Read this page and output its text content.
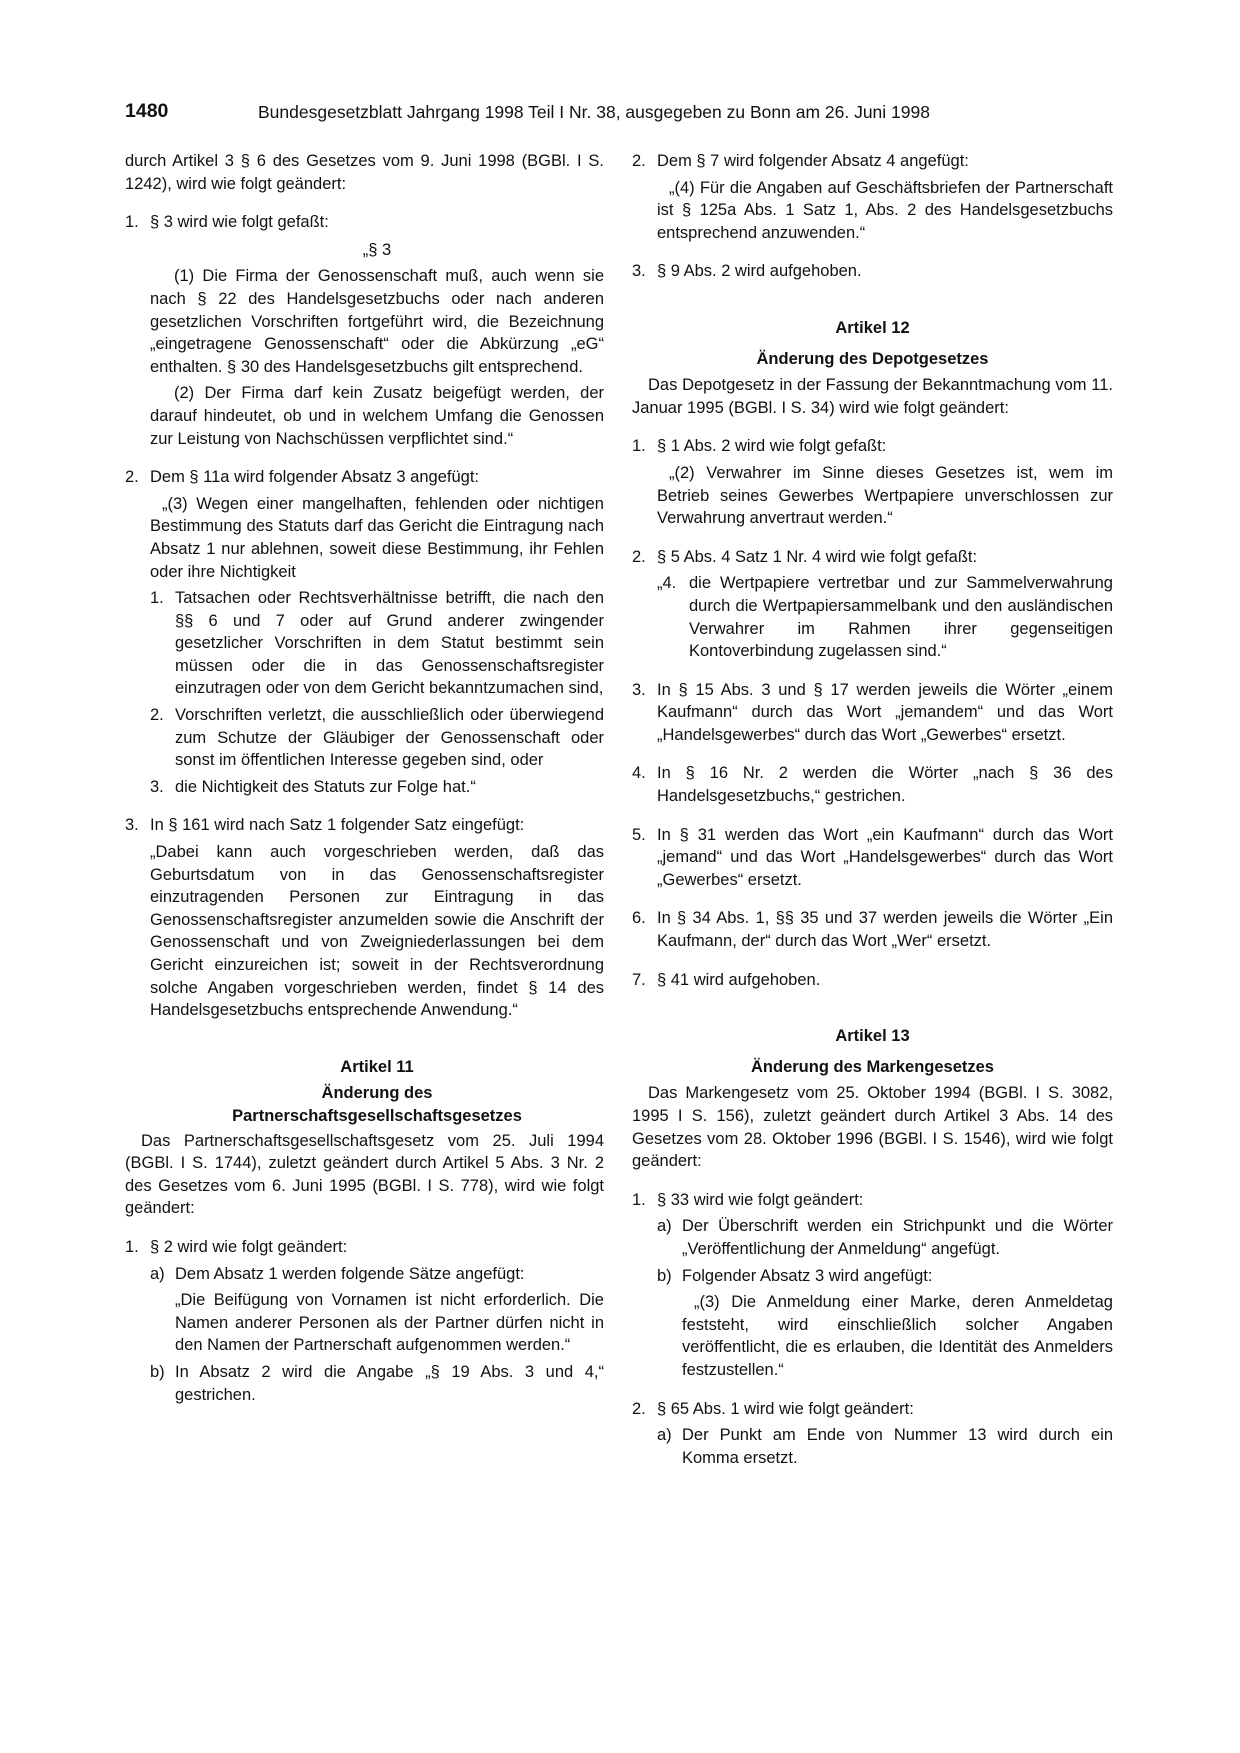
1480	Bundesgesetzblatt Jahrgang 1998 Teil I Nr. 38, ausgegeben zu Bonn am 26. Juni 1998

durch Artikel 3 § 6 des Gesetzes vom 9. Juni 1998 (BGBl. I S. 1242), wird wie folgt geändert:

1. § 3 wird wie folgt gefaßt:

„§ 3

(1) Die Firma der Genossenschaft muß, auch wenn sie nach § 22 des Handelsgesetzbuchs oder nach anderen gesetzlichen Vorschriften fortgeführt wird, die Bezeichnung „eingetragene Genossenschaft“ oder die Abkürzung „eG“ enthalten. § 30 des Handelsgesetzbuchs gilt entsprechend.

(2) Der Firma darf kein Zusatz beigefügt werden, der darauf hindeutet, ob und in welchem Umfang die Genossen zur Leistung von Nachschüssen verpflichtet sind.“

2. Dem § 11a wird folgender Absatz 3 angefügt:

„(3) Wegen einer mangelhaften, fehlenden oder nichtigen Bestimmung des Statuts darf das Gericht die Eintragung nach Absatz 1 nur ablehnen, soweit diese Bestimmung, ihr Fehlen oder ihre Nichtigkeit

1. Tatsachen oder Rechtsverhältnisse betrifft, die nach den §§ 6 und 7 oder auf Grund anderer zwingender gesetzlicher Vorschriften in dem Statut bestimmt sein müssen oder die in das Genossenschaftsregister einzutragen oder von dem Gericht bekanntzumachen sind,
2. Vorschriften verletzt, die ausschließlich oder überwiegend zum Schutze der Gläubiger der Genossenschaft oder sonst im öffentlichen Interesse gegeben sind, oder
3. die Nichtigkeit des Statuts zur Folge hat.“
3. In § 161 wird nach Satz 1 folgender Satz eingefügt:

„Dabei kann auch vorgeschrieben werden, daß das Geburtsdatum von in das Genossenschaftsregister einzutragenden Personen zur Eintragung in das Genossenschaftsregister anzumelden sowie die Anschrift der Genossenschaft und von Zweigniederlassungen bei dem Gericht einzureichen ist; soweit in der Rechtsverordnung solche Angaben vorgeschrieben werden, findet § 14 des Handelsgesetzbuchs entsprechende Anwendung.“

Artikel 11

Änderung des

Partnerschaftsgesellschaftsgesetzes

Das Partnerschaftsgesellschaftsgesetz vom 25. Juli 1994 (BGBl. I S. 1744), zuletzt geändert durch Artikel 5 Abs. 3 Nr. 2 des Gesetzes vom 6. Juni 1995 (BGBl. I S. 778), wird wie folgt geändert:

1. § 2 wird wie folgt geändert:
a) Dem Absatz 1 werden folgende Sätze angefügt:

„Die Beifügung von Vornamen ist nicht erforderlich. Die Namen anderer Personen als der Partner dürfen nicht in den Namen der Partnerschaft aufgenommen werden.“

b) In Absatz 2 wird die Angabe „§ 19 Abs. 3 und 4,“ gestrichen.
2. Dem § 7 wird folgender Absatz 4 angefügt:

„(4) Für die Angaben auf Geschäftsbriefen der Partnerschaft ist § 125a Abs. 1 Satz 1, Abs. 2 des Handelsgesetzbuchs entsprechend anzuwenden.“

3. § 9 Abs. 2 wird aufgehoben.

Artikel 12

Änderung des Depotgesetzes

Das Depotgesetz in der Fassung der Bekanntmachung vom 11. Januar 1995 (BGBl. I S. 34) wird wie folgt geändert:

1. § 1 Abs. 2 wird wie folgt gefaßt:

„(2) Verwahrer im Sinne dieses Gesetzes ist, wem im Betrieb seines Gewerbes Wertpapiere unverschlossen zur Verwahrung anvertraut werden.“

2. § 5 Abs. 4 Satz 1 Nr. 4 wird wie folgt gefaßt:
„4. die Wertpapiere vertretbar und zur Sammelverwahrung durch die Wertpapiersammelbank und den ausländischen Verwahrer im Rahmen ihrer gegenseitigen Kontoverbindung zugelassen sind.“
3. In § 15 Abs. 3 und § 17 werden jeweils die Wörter „einem Kaufmann“ durch das Wort „jemandem“ und das Wort „Handelsgewerbes“ durch das Wort „Gewerbes“ ersetzt.
4. In § 16 Nr. 2 werden die Wörter „nach § 36 des Handelsgesetzbuchs,“ gestrichen.
5. In § 31 werden das Wort „ein Kaufmann“ durch das Wort „jemand“ und das Wort „Handelsgewerbes“ durch das Wort „Gewerbes“ ersetzt.
6. In § 34 Abs. 1, §§ 35 und 37 werden jeweils die Wörter „Ein Kaufmann, der“ durch das Wort „Wer“ ersetzt.
7. § 41 wird aufgehoben.

Artikel 13

Änderung des Markengesetzes

Das Markengesetz vom 25. Oktober 1994 (BGBl. I S. 3082, 1995 I S. 156), zuletzt geändert durch Artikel 3 Abs. 14 des Gesetzes vom 28. Oktober 1996 (BGBl. I S. 1546), wird wie folgt geändert:

1. § 33 wird wie folgt geändert:
a) Der Überschrift werden ein Strichpunkt und die Wörter „Veröffentlichung der Anmeldung“ angefügt.
b) Folgender Absatz 3 wird angefügt:

„(3) Die Anmeldung einer Marke, deren Anmeldetag feststeht, wird einschließlich solcher Angaben veröffentlicht, die es erlauben, die Identität des Anmelders festzustellen.“

2. § 65 Abs. 1 wird wie folgt geändert:
a) Der Punkt am Ende von Nummer 13 wird durch ein Komma ersetzt.
